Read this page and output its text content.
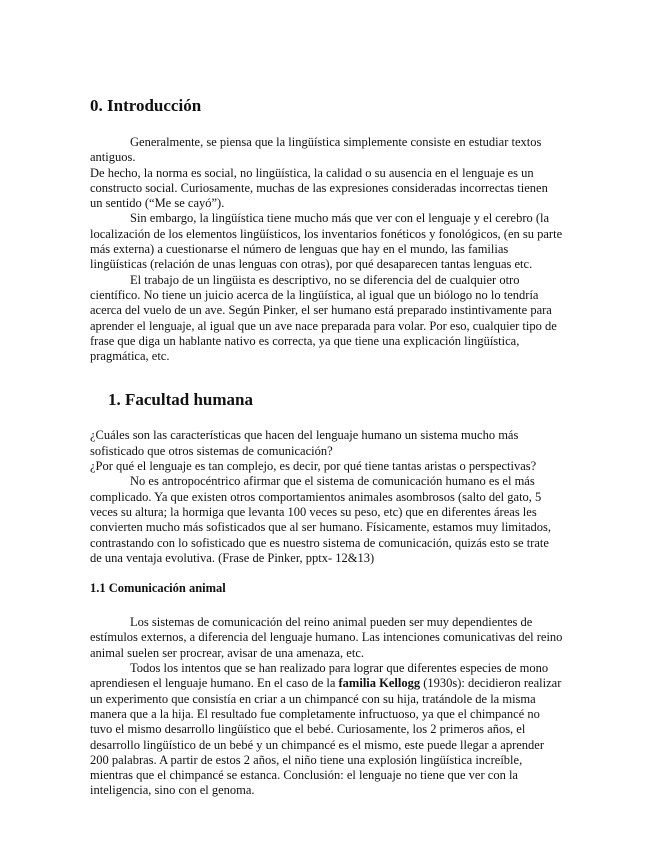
0. Introducción

Generalmente, se piensa que la lingüística simplemente consiste en estudiar textos antiguos.

De hecho, la norma es social, no lingüística, la calidad o su ausencia en el lenguaje es un constructo social. Curiosamente, muchas de las expresiones consideradas incorrectas tienen un sentido (“Me se cayó”).

Sin embargo, la lingüística tiene mucho más que ver con el lenguaje y el cerebro (la localización de los elementos lingüísticos, los inventarios fonéticos y fonológicos, (en su parte más externa) a cuestionarse el número de lenguas que hay en el mundo, las familias lingüísticas (relación de unas lenguas con otras), por qué desaparecen tantas lenguas etc.

El trabajo de un lingüista es descriptivo, no se diferencia del de cualquier otro científico. No tiene un juicio acerca de la lingüística, al igual que un biólogo no lo tendría acerca del vuelo de un ave. Según Pinker, el ser humano está preparado instintivamente para aprender el lenguaje, al igual que un ave nace preparada para volar. Por eso, cualquier tipo de frase que diga un hablante nativo es correcta, ya que tiene una explicación lingüística, pragmática, etc.

1. Facultad humana

¿Cuáles son las características que hacen del lenguaje humano un sistema mucho más sofisticado que otros sistemas de comunicación?

¿Por qué el lenguaje es tan complejo, es decir, por qué tiene tantas aristas o perspectivas?

No es antropocéntrico afirmar que el sistema de comunicación humano es el más complicado. Ya que existen otros comportamientos animales asombrosos (salto del gato, 5 veces su altura; la hormiga que levanta 100 veces su peso, etc) que en diferentes áreas les convierten mucho más sofisticados que al ser humano. Físicamente, estamos muy limitados, contrastando con lo sofisticado que es nuestro sistema de comunicación, quizás esto se trate de una ventaja evolutiva. (Frase de Pinker, pptx- 12&13)

1.1 Comunicación animal

Los sistemas de comunicación del reino animal pueden ser muy dependientes de estímulos externos, a diferencia del lenguaje humano. Las intenciones comunicativas del reino animal suelen ser procrear, avisar de una amenaza, etc.

Todos los intentos que se han realizado para lograr que diferentes especies de mono aprendiesen el lenguaje humano. En el caso de la familia Kellogg (1930s): decidieron realizar un experimento que consistía en criar a un chimpancé con su hija, tratándole de la misma manera que a la hija. El resultado fue completamente infructuoso, ya que el chimpancé no tuvo el mismo desarrollo lingüístico que el bebé. Curiosamente, los 2 primeros años, el desarrollo lingüístico de un bebé y un chimpancé es el mismo, este puede llegar a aprender 200 palabras. A partir de estos 2 años, el niño tiene una explosión lingüística increíble, mientras que el chimpancé se estanca. Conclusión: el lenguaje no tiene que ver con la inteligencia, sino con el genoma.
